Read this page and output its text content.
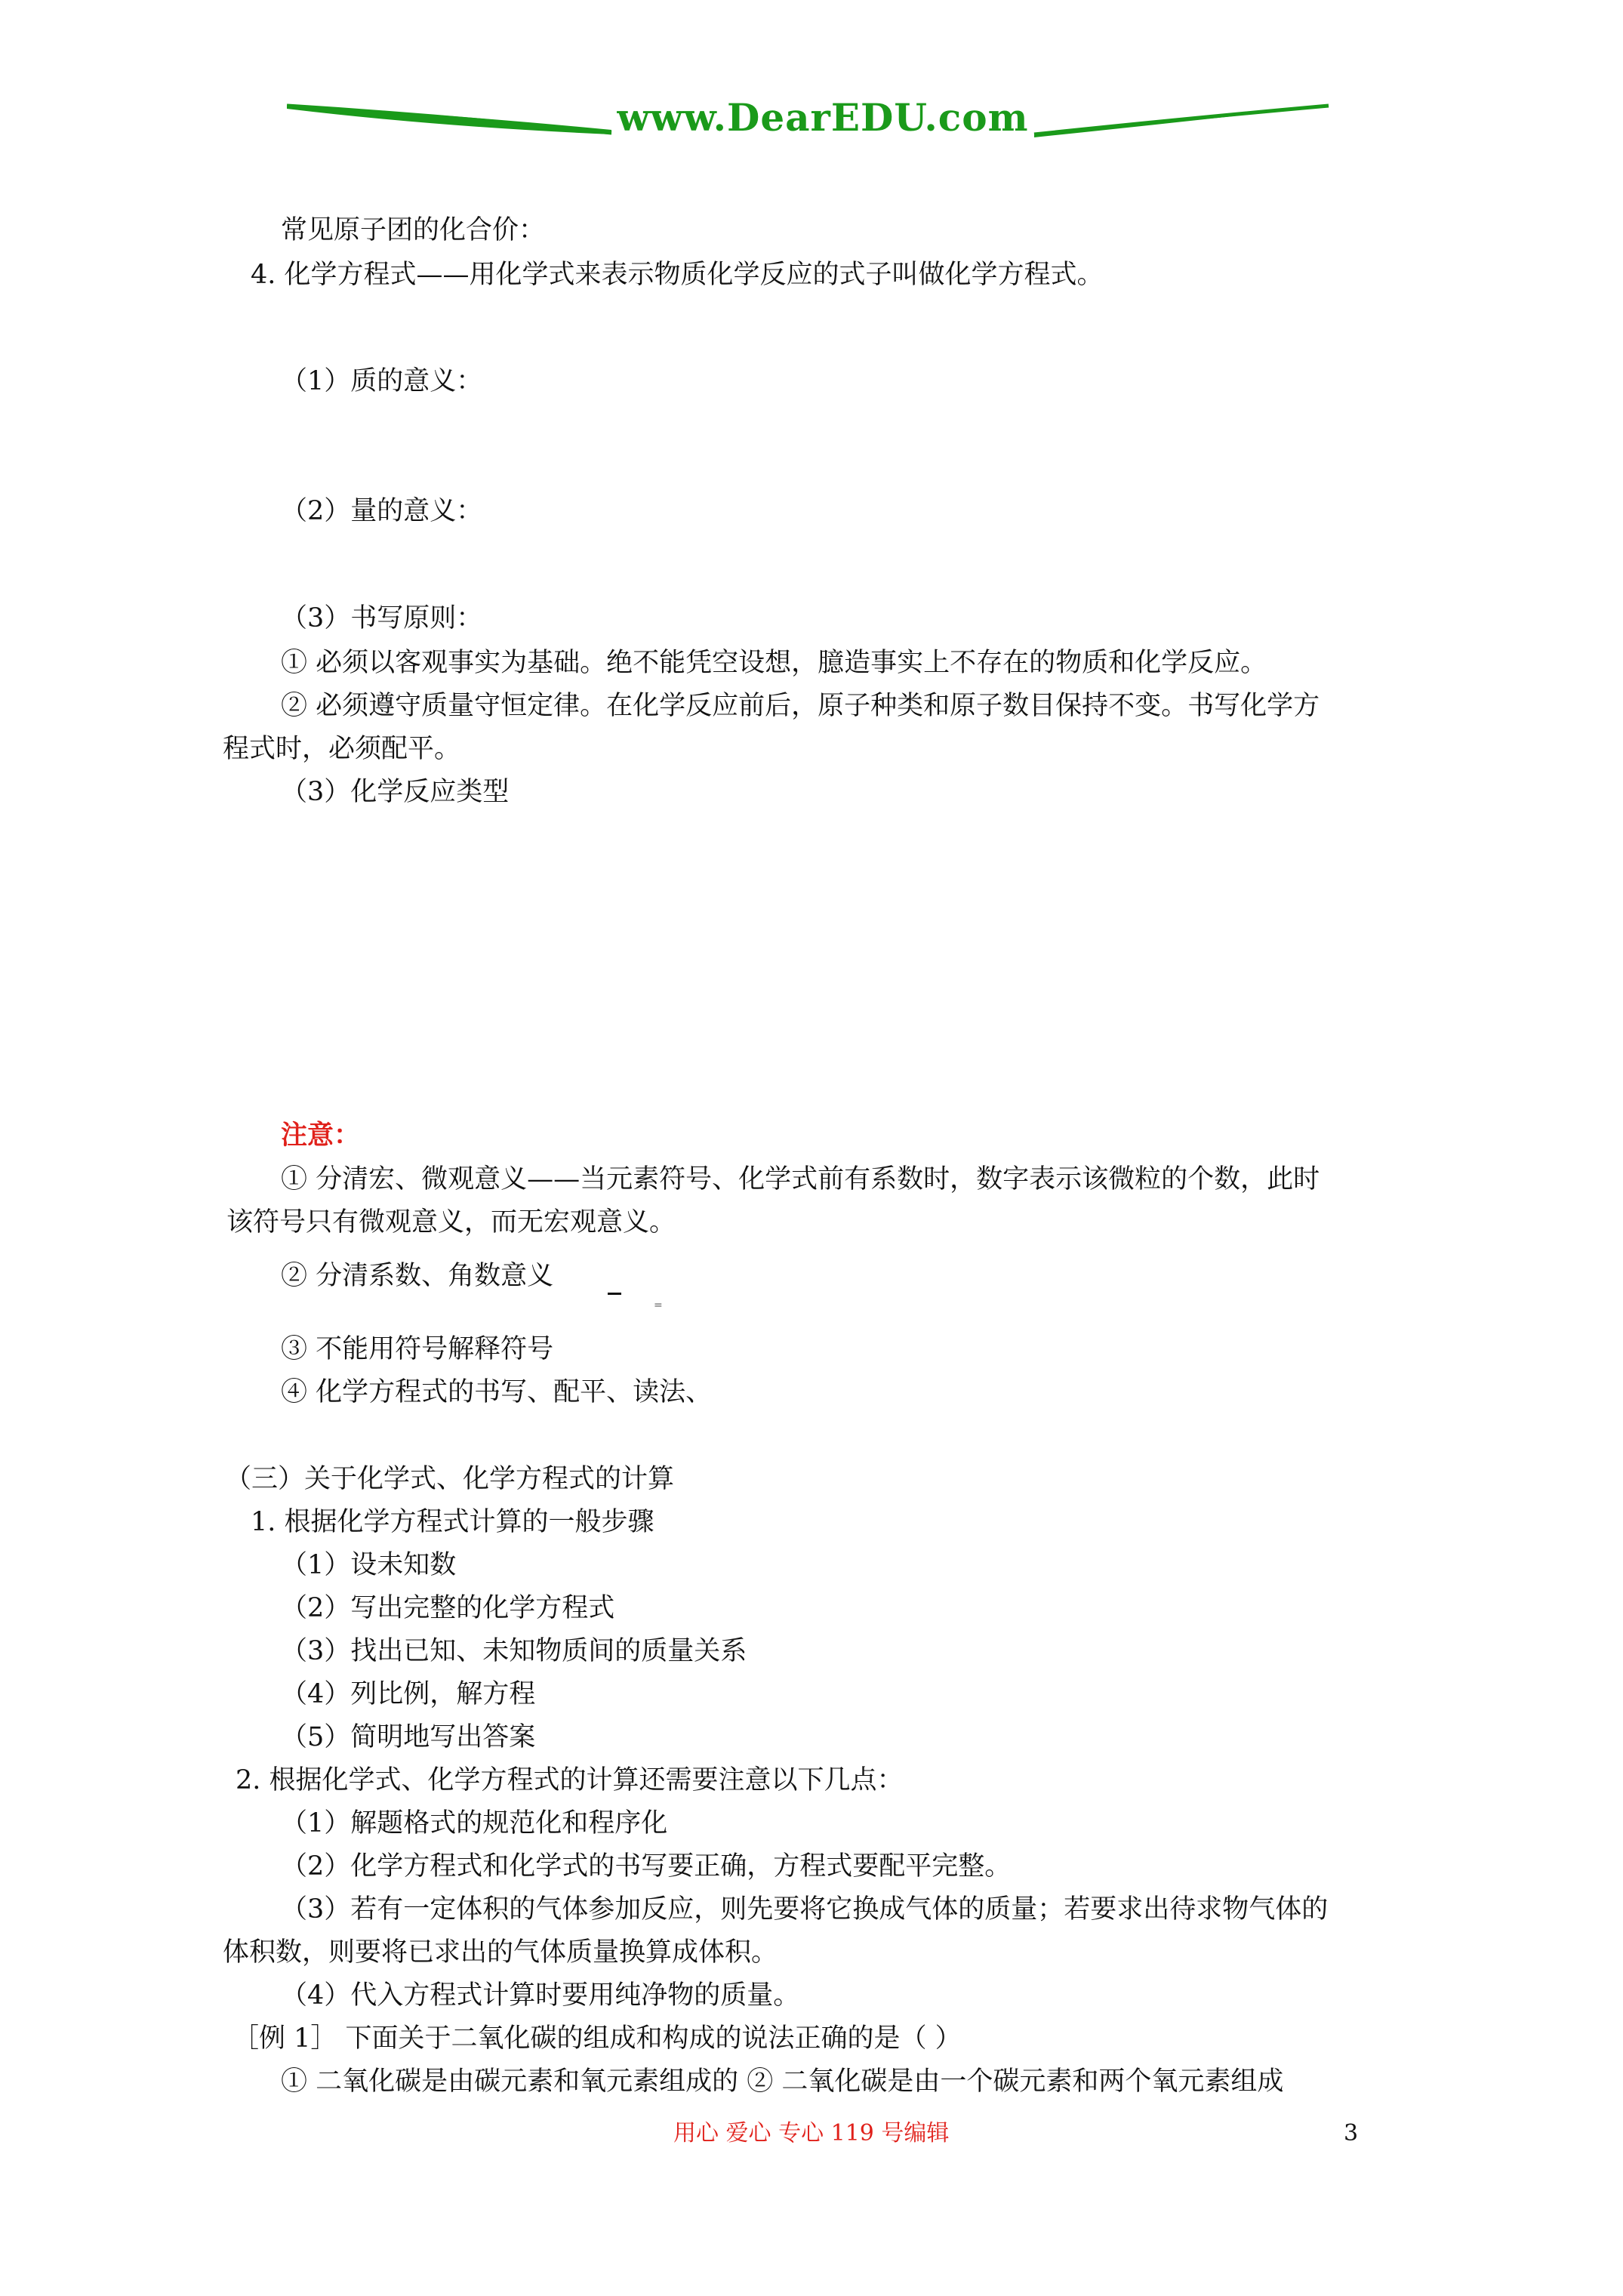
www.DearEDU.com
常见原子团的化合价：
4. 化学方程式——用化学式来表示物质化学反应的式子叫做化学方程式。
（1）质的意义：
（2）量的意义：
（3）书写原则：
① 必须以客观事实为基础。绝不能凭空设想，臆造事实上不存在的物质和化学反应。
② 必须遵守质量守恒定律。在化学反应前后，原子种类和原子数目保持不变。书写化学方
程式时，必须配平。
（3）化学反应类型
注意：
① 分清宏、微观意义——当元素符号、化学式前有系数时，数字表示该微粒的个数，此时
该符号只有微观意义，而无宏观意义。
② 分清系数、角数意义
=
③ 不能用符号解释符号
④ 化学方程式的书写、配平、读法、
（三）关于化学式、化学方程式的计算
1. 根据化学方程式计算的一般步骤
（1）设未知数
（2）写出完整的化学方程式
（3）找出已知、未知物质间的质量关系
（4）列比例，解方程
（5）简明地写出答案
2. 根据化学式、化学方程式的计算还需要注意以下几点：
（1）解题格式的规范化和程序化
（2）化学方程式和化学式的书写要正确，方程式要配平完整。
（3）若有一定体积的气体参加反应，则先要将它换成气体的质量；若要求出待求物气体的
体积数，则要将已求出的气体质量换算成体积。
（4）代入方程式计算时要用纯净物的质量。
［例 1］ 下面关于二氧化碳的组成和构成的说法正确的是（ ）
① 二氧化碳是由碳元素和氧元素组成的 ② 二氧化碳是由一个碳元素和两个氧元素组成
用心 爱心 专心 119 号编辑	3
